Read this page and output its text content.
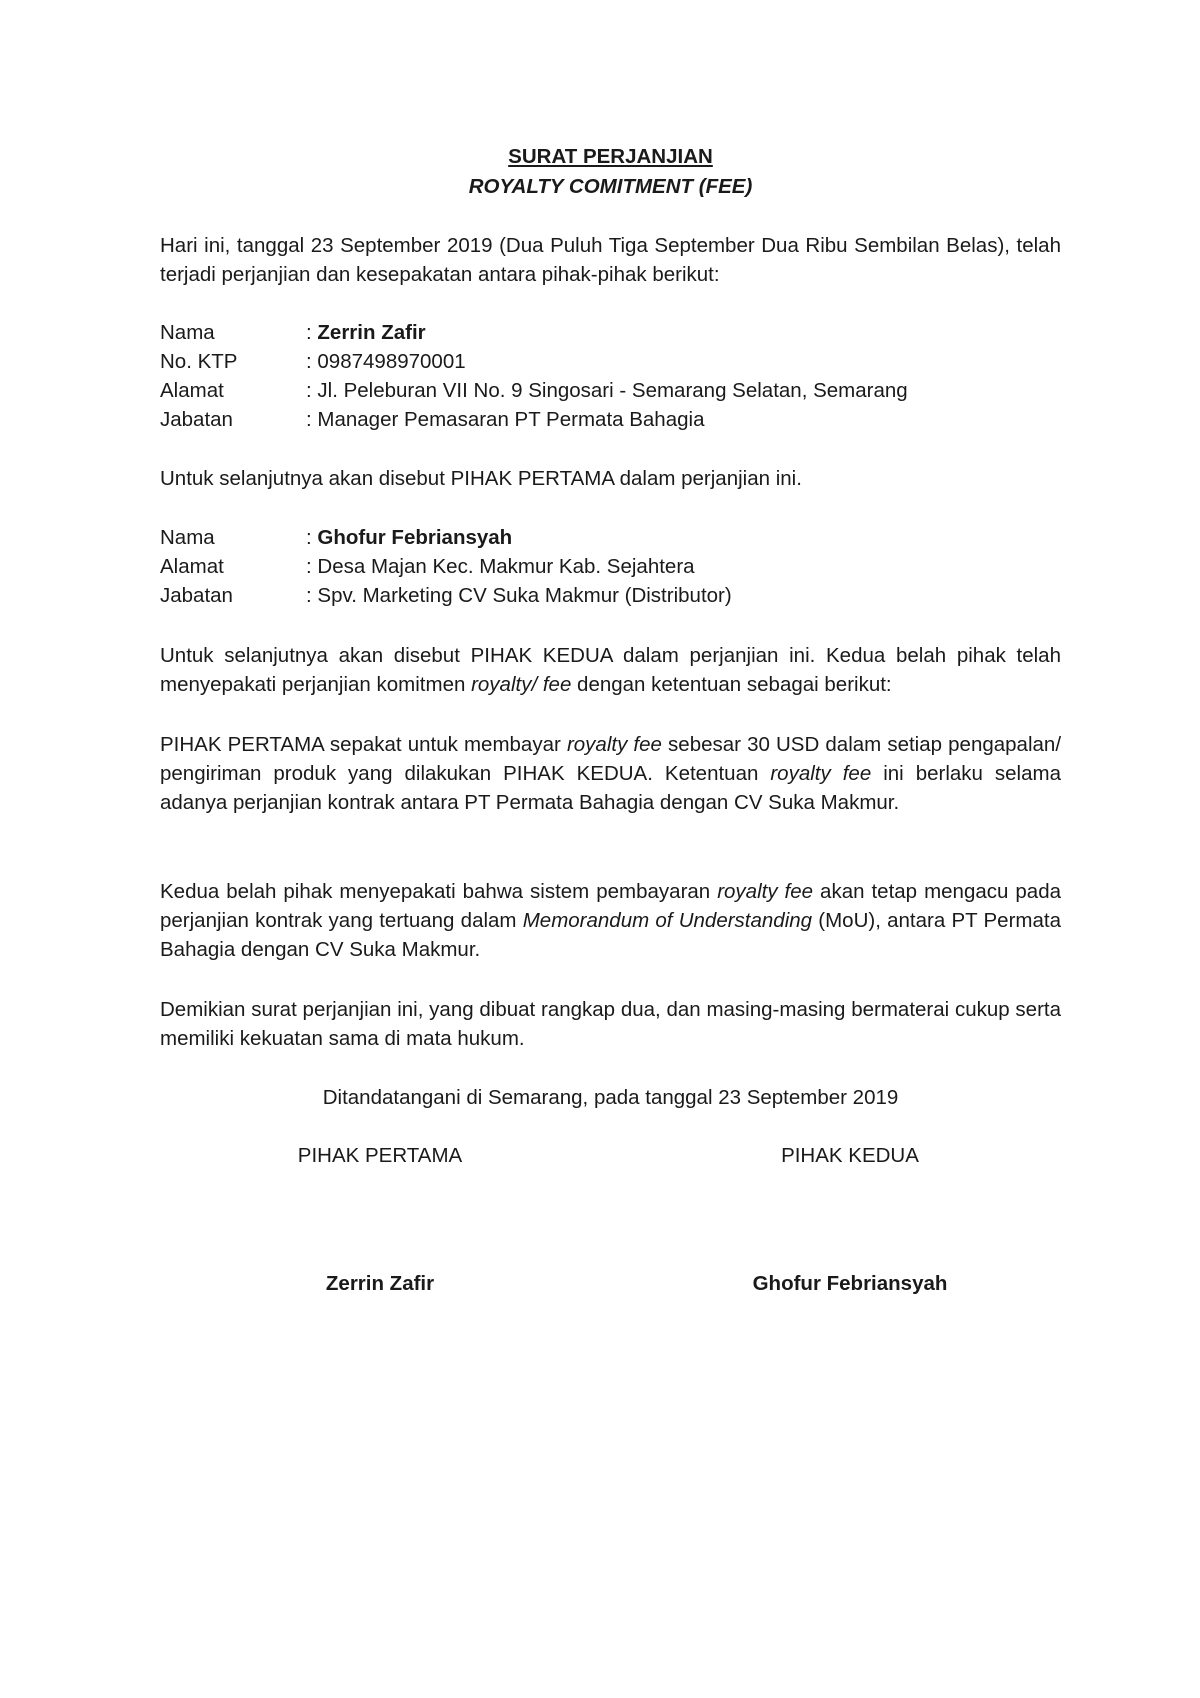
SURAT PERJANJIAN
ROYALTY COMITMENT (FEE)
Hari ini, tanggal 23 September 2019 (Dua Puluh Tiga September Dua Ribu Sembilan Belas), telah terjadi perjanjian dan kesepakatan antara pihak-pihak berikut:
Nama	: Zerrin Zafir
No. KTP	: 0987498970001
Alamat	: Jl. Peleburan VII No. 9 Singosari - Semarang Selatan, Semarang
Jabatan	: Manager Pemasaran PT Permata Bahagia
Untuk selanjutnya akan disebut PIHAK PERTAMA dalam perjanjian ini.
Nama	: Ghofur Febriansyah
Alamat	: Desa Majan Kec. Makmur Kab. Sejahtera
Jabatan	: Spv. Marketing CV Suka Makmur (Distributor)
Untuk selanjutnya akan disebut PIHAK KEDUA dalam perjanjian ini. Kedua belah pihak telah menyepakati perjanjian komitmen royalty/ fee dengan ketentuan sebagai berikut:
PIHAK PERTAMA sepakat untuk membayar royalty fee sebesar 30 USD dalam setiap pengapalan/ pengiriman produk yang dilakukan PIHAK KEDUA. Ketentuan royalty fee ini berlaku selama adanya perjanjian kontrak antara PT Permata Bahagia dengan CV Suka Makmur.
Kedua belah pihak menyepakati bahwa sistem pembayaran royalty fee akan tetap mengacu pada perjanjian kontrak yang tertuang dalam Memorandum of Understanding (MoU), antara PT Permata Bahagia dengan CV Suka Makmur.
Demikian surat perjanjian ini, yang dibuat rangkap dua, dan masing-masing bermaterai cukup serta memiliki kekuatan sama di mata hukum.
Ditandatangani di Semarang, pada tanggal 23 September 2019
PIHAK PERTAMA	PIHAK KEDUA
Zerrin Zafir	Ghofur Febriansyah
